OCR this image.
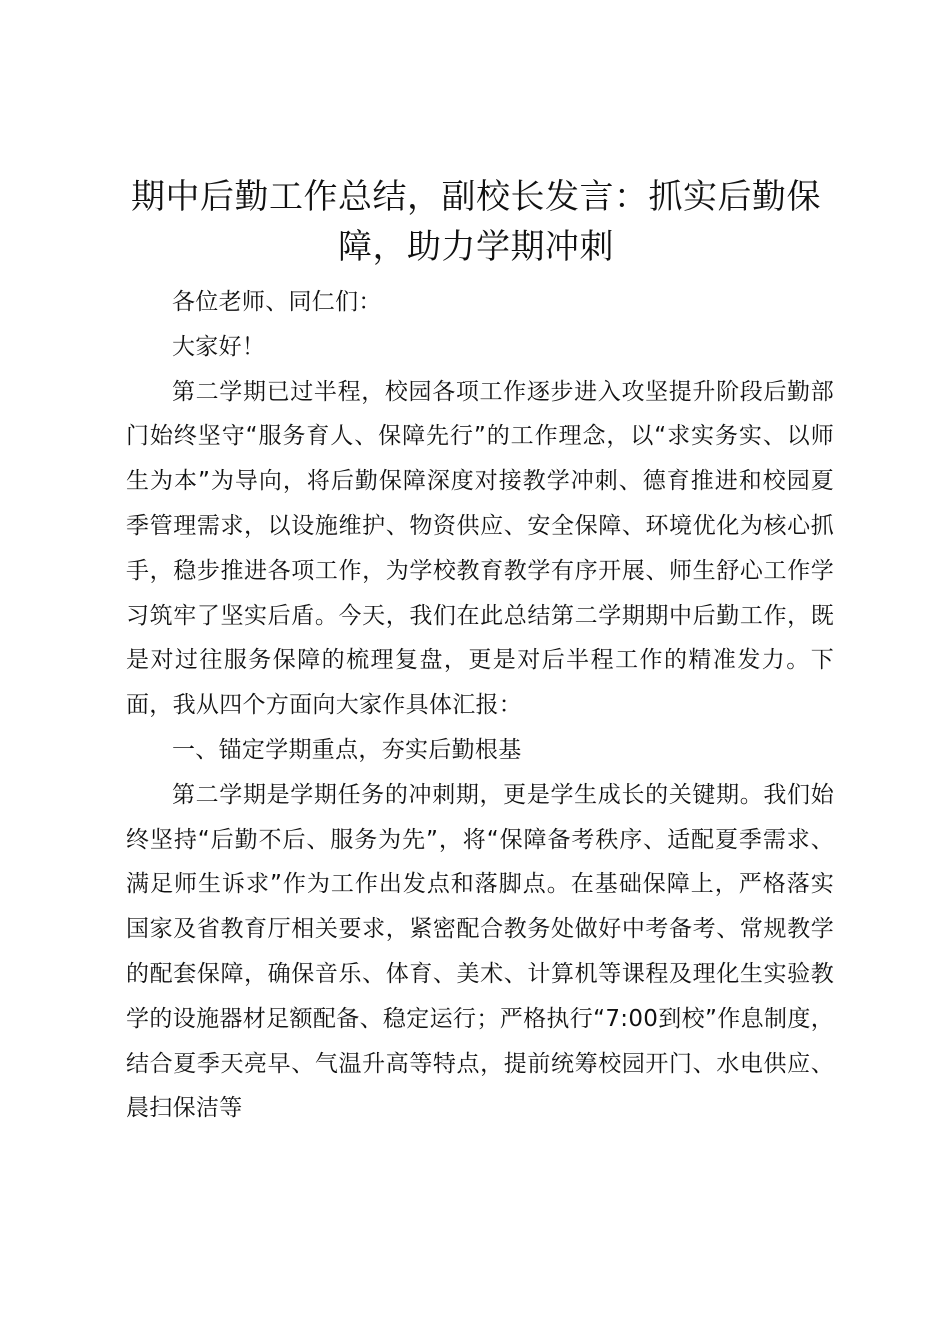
期中后勤工作总结，副校长发言：抓实后勤保障，助力学期冲刺

各位老师、同仁们：

大家好！

第二学期已过半程，校园各项工作逐步进入攻坚提升阶段后勤部门始终坚守“服务育人、保障先行”的工作理念，以“求实务实、以师生为本”为导向，将后勤保障深度对接教学冲刺、德育推进和校园夏季管理需求，以设施维护、物资供应、安全保障、环境优化为核心抓手，稳步推进各项工作，为学校教育教学有序开展、师生舒心工作学习筑牢了坚实后盾。今天，我们在此总结第二学期期中后勤工作，既是对过往服务保障的梳理复盘，更是对后半程工作的精准发力。下面，我从四个方面向大家作具体汇报：

一、锚定学期重点，夯实后勤根基

第二学期是学期任务的冲刺期，更是学生成长的关键期。我们始终坚持“后勤不后、服务为先”，将“保障备考秩序、适配夏季需求、满足师生诉求”作为工作出发点和落脚点。在基础保障上，严格落实国家及省教育厅相关要求，紧密配合教务处做好中考备考、常规教学的配套保障，确保音乐、体育、美术、计算机等课程及理化生实验教学的设施器材足额配备、稳定运行；严格执行“7:00到校”作息制度，结合夏季天亮早、气温升高等特点，提前统筹校园开门、水电供应、晨扫保洁等
